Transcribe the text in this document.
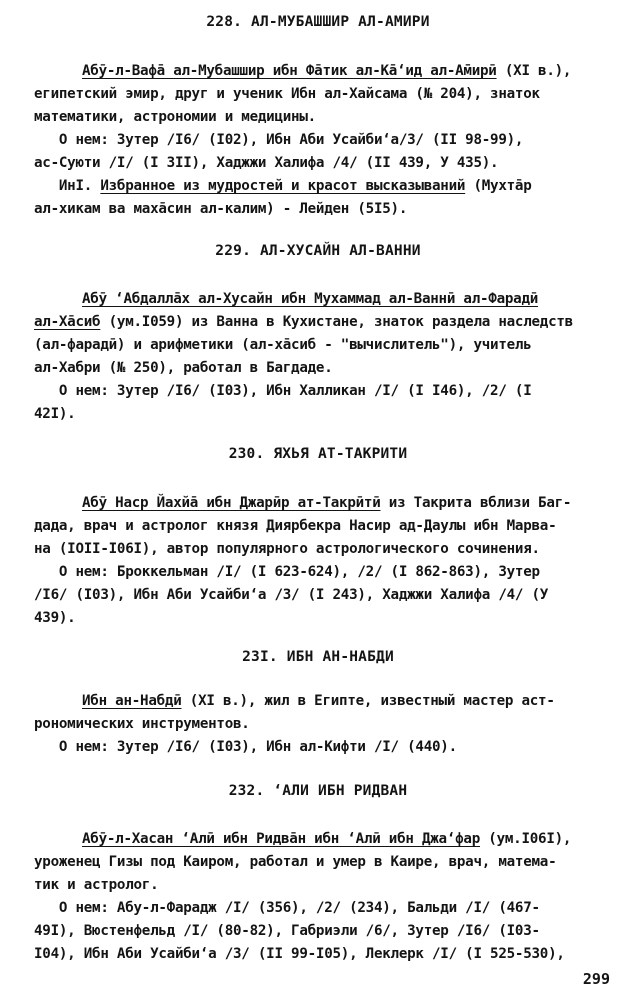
228. АЛ-МУБАШШИР АЛ-АМИРИ
Абӯ-л-Вафа̄ ал-Мубашшир ибн Фа̄тик ал-Ка̄‘ид ал-А̄мирӣ (XI в.),
египетский эмир, друг и ученик Ибн ал-Хайсама (№ 204), знаток
математики, астрономии и медицины.
О нем: Зутер /I6/ (I02), Ибн Аби Усайби‘а/3/ (II 98-99),
ас-Суюти /I/ (I 3II), Хаджжи Халифа /4/ (II 439, У 435).
ИнI. Избранное из мудростей и красот высказываний (Мухта̄р
ал-хикам ва маха̄син ал-калим) - Лейден (5I5).
229. АЛ-ХУСАЙН АЛ-ВАННИ
Абӯ ‘Абдалла̄х ал-Хусайн ибн Мухаммад ал-Ваннӣ ал-Фарадӣ
ал-Ха̄сиб (ум.I059) из Ванна в Кухистане, знаток раздела наследств
(ал-фарадӣ) и арифметики (ал-ха̄сиб - "вычислитель"), учитель
ал-Хабри (№ 250), работал в Багдаде.
О нем: Зутер /I6/ (I03), Ибн Халликан /I/ (I I46), /2/ (I
42I).
230. ЯХЬЯ АТ-ТАКРИТИ
Абӯ Наср Йахйа̄ ибн Джарӣр ат-Такрӣтӣ из Такрита вблизи Баг-
дада, врач и астролог князя Диярбекра Насир ад-Даулы ибн Марва-
на (IOII-I06I), автор популярного астрологического сочинения.
О нем: Броккельман /I/ (I 623-624), /2/ (I 862-863), Зутер
/I6/ (I03), Ибн Аби Усайби‘а /3/ (I 243), Хаджжи Халифа /4/ (У
439).
23I. ИБН АН-НАБДИ
Ибн ан-Набдӣ (XI в.), жил в Египте, известный мастер аст-
рономических инструментов.
О нем: Зутер /I6/ (I03), Ибн ал-Кифти /I/ (440).
232. ‘АЛИ ИБН РИДВАН
Абӯ-л-Хасан ‘Алӣ ибн Ридва̄н ибн ‘Алӣ ибн Джа‘фар (ум.I06I),
уроженец Гизы под Каиром, работал и умер в Каире, врач, матема-
тик и астролог.
О нем: Абу-л-Фарадж /I/ (356), /2/ (234), Бальди /I/ (467-
49I), Вюстенфельд /I/ (80-82), Габриэли /6/, Зутер /I6/ (I03-
I04), Ибн Аби Усайби‘а /3/ (II 99-I05), Леклерк /I/ (I 525-530),
299
